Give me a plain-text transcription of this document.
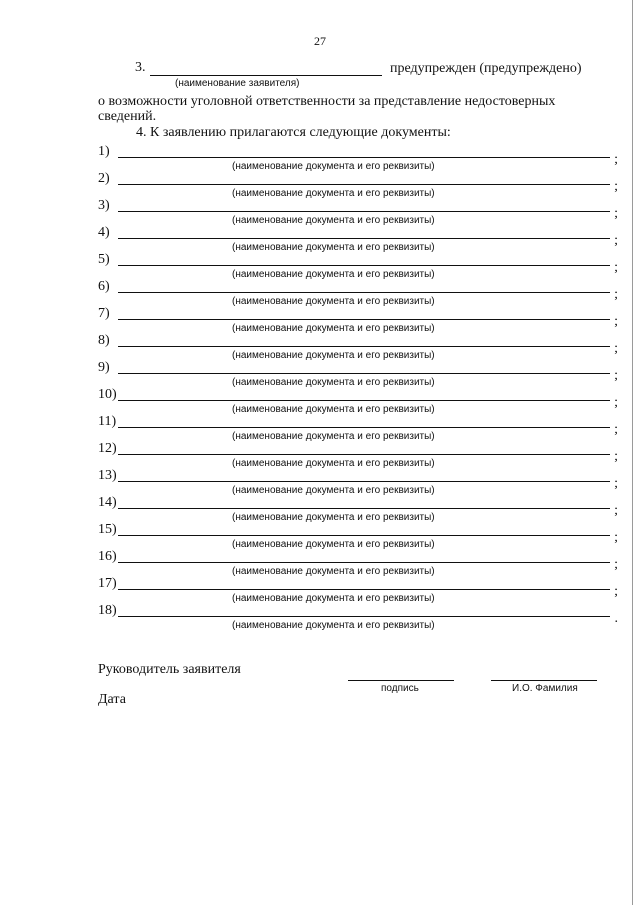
27
3.	предупрежден (предупреждено)
(наименование заявителя)
о возможности уголовной ответственности за представление недостоверных
сведений.
4. К заявлению прилагаются следующие документы:
1)
;
(наименование документа и его реквизиты)
2)
;
(наименование документа и его реквизиты)
3)
;
(наименование документа и его реквизиты)
4)
;
(наименование документа и его реквизиты)
5)
;
(наименование документа и его реквизиты)
6)
;
(наименование документа и его реквизиты)
7)
;
(наименование документа и его реквизиты)
8)
;
(наименование документа и его реквизиты)
9)
;
(наименование документа и его реквизиты)
10)
;
(наименование документа и его реквизиты)
11)
;
(наименование документа и его реквизиты)
12)
;
(наименование документа и его реквизиты)
13)
;
(наименование документа и его реквизиты)
14)
;
(наименование документа и его реквизиты)
15)
;
(наименование документа и его реквизиты)
16)
;
(наименование документа и его реквизиты)
17)
;
(наименование документа и его реквизиты)
18)
.
(наименование документа и его реквизиты)
Руководитель заявителя
подпись	И.О. Фамилия
Дата
